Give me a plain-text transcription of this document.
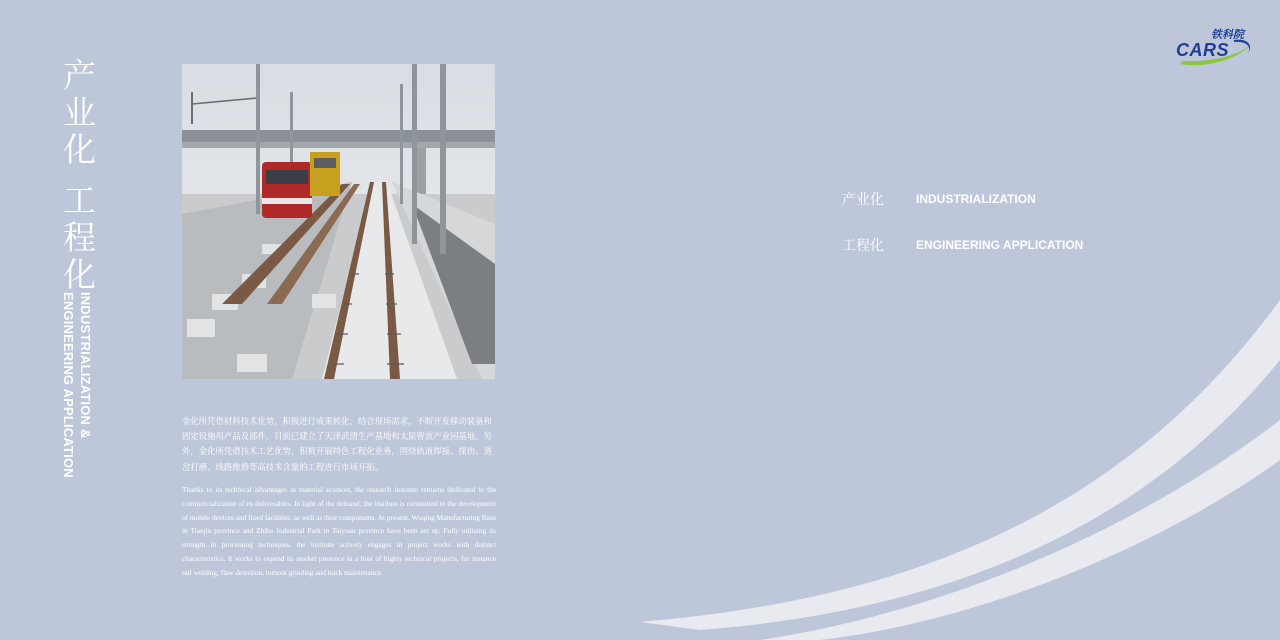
产业化
工程化
INDUSTRIALIZATION &
ENGINEERING APPLICATION	金化所凭借材料技术优势，积极进行成果转化，结合现场需求，不断开发移动装备和固定设施用产品及部件，目前已建立了天津武清生产基地和太原智波产业园基地。另外，金化所凭借技术工艺优势，积极开展特色工程化业务，围绕轨道焊接、探伤、道岔打磨、线路维修等高技术含量的工程进行市场开拓。
Thanks to its technical advantages in material sciences, the research institute remains dedicated to the commercialization of its deliverables. In light of the demand, the institute is committed to the development of mobile devices and fixed facilities, as well as their components. At present, Wuqing Manufacturing Base in Tianjin province and Zhibo Industrial Park in Taiyuan province have been set up. Fully utilizing its strength in processing techniques, the institute actively engages in project works with distinct characteristics. It works to expend its market presence in a host of highly technical projects, for instance rail welding, flaw detection, turnout grinding and track maintenance.
产业化	INDUSTRIALIZATION
工程化	ENGINEERING APPLICATION
铁科院
CARS
